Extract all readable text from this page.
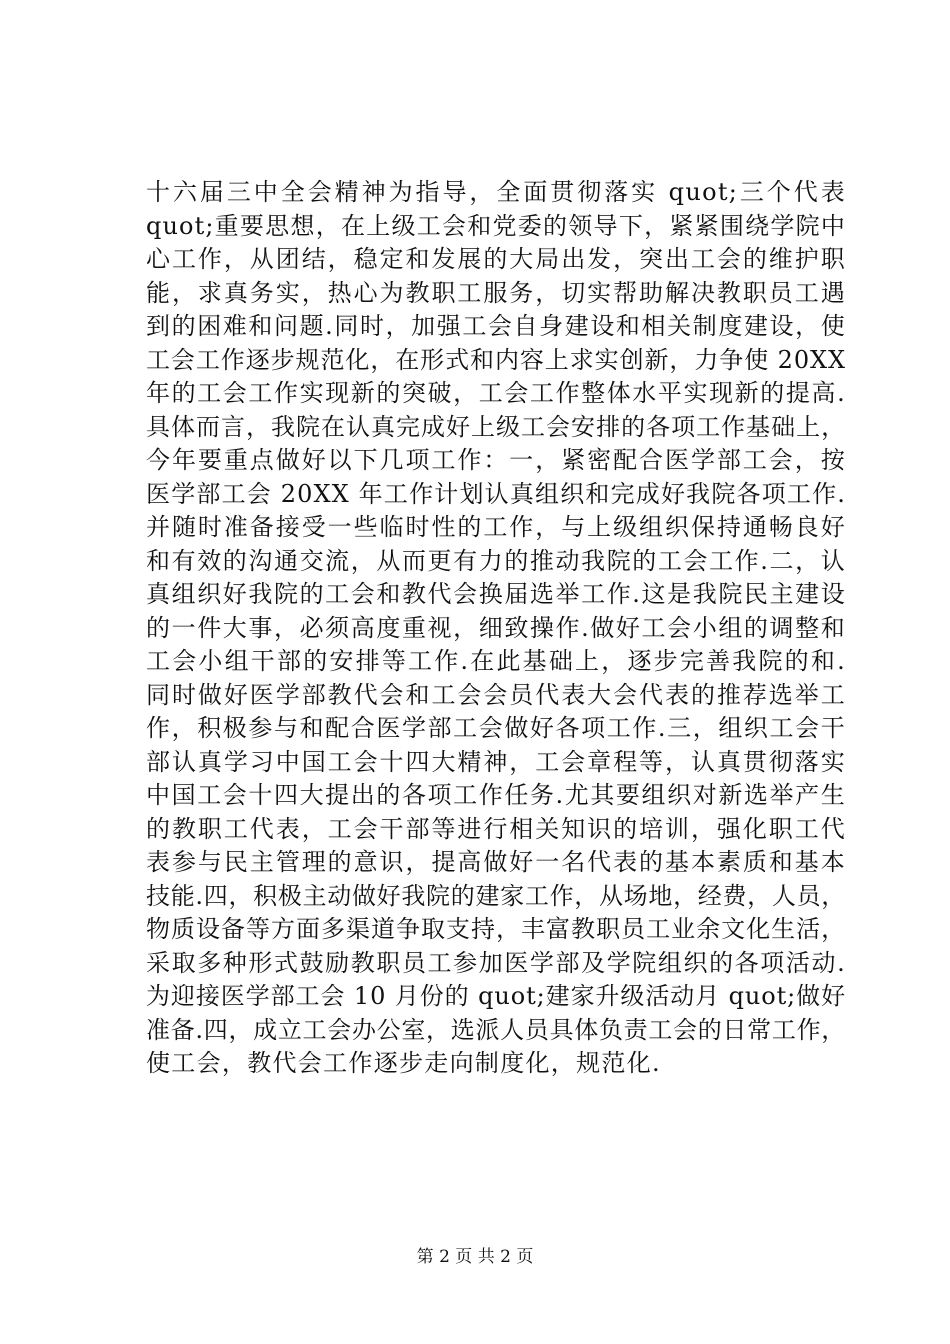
十六届三中全会精神为指导，全面贯彻落实 quot;三个代表
quot;重要思想，在上级工会和党委的领导下，紧紧围绕学院中
心工作，从团结，稳定和发展的大局出发，突出工会的维护职
能，求真务实，热心为教职工服务，切实帮助解决教职员工遇
到的困难和问题.同时，加强工会自身建设和相关制度建设，使
工会工作逐步规范化，在形式和内容上求实创新，力争使 20XX
年的工会工作实现新的突破，工会工作整体水平实现新的提高.
具体而言，我院在认真完成好上级工会安排的各项工作基础上，
今年要重点做好以下几项工作：一，紧密配合医学部工会，按
医学部工会 20XX 年工作计划认真组织和完成好我院各项工作.
并随时准备接受一些临时性的工作，与上级组织保持通畅良好
和有效的沟通交流，从而更有力的推动我院的工会工作.二，认
真组织好我院的工会和教代会换届选举工作.这是我院民主建设
的一件大事，必须高度重视，细致操作.做好工会小组的调整和
工会小组干部的安排等工作.在此基础上，逐步完善我院的和.
同时做好医学部教代会和工会会员代表大会代表的推荐选举工
作，积极参与和配合医学部工会做好各项工作.三，组织工会干
部认真学习中国工会十四大精神，工会章程等，认真贯彻落实
中国工会十四大提出的各项工作任务.尤其要组织对新选举产生
的教职工代表，工会干部等进行相关知识的培训，强化职工代
表参与民主管理的意识，提高做好一名代表的基本素质和基本
技能.四，积极主动做好我院的建家工作，从场地，经费，人员，
物质设备等方面多渠道争取支持，丰富教职员工业余文化生活，
采取多种形式鼓励教职员工参加医学部及学院组织的各项活动.
为迎接医学部工会 10 月份的 quot;建家升级活动月 quot;做好
准备.四，成立工会办公室，选派人员具体负责工会的日常工作，
使工会，教代会工作逐步走向制度化，规范化.
第 2 页 共 2 页
